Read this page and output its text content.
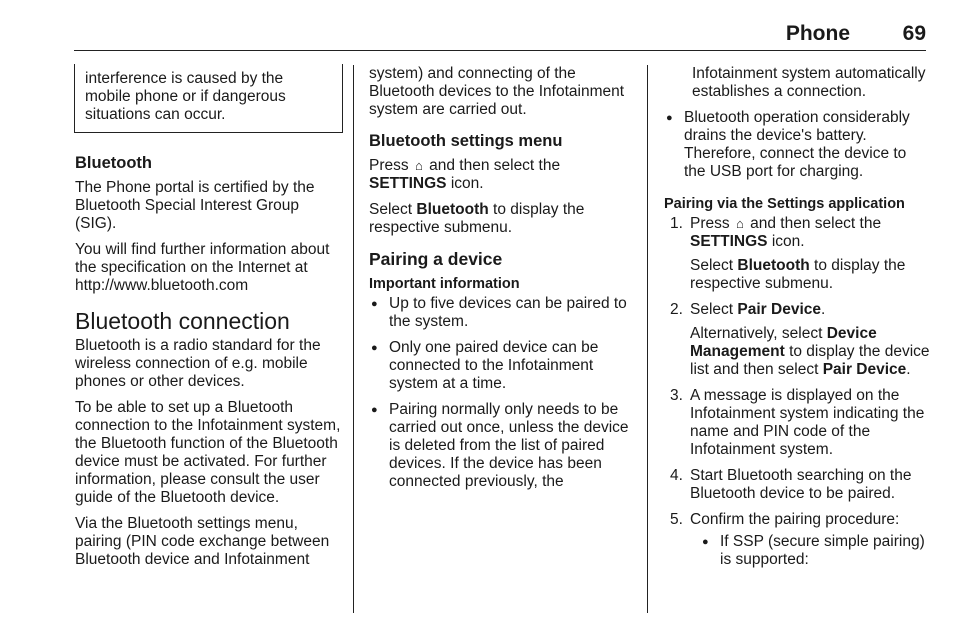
Phone	69

interference is caused by the mobile phone or if dangerous situations can occur.

Bluetooth

The Phone portal is certified by the Bluetooth Special Interest Group (SIG).

You will find further information about the specification on the Internet at http://www.bluetooth.com

Bluetooth connection

Bluetooth is a radio standard for the wireless connection of e.g. mobile phones or other devices.

To be able to set up a Bluetooth connection to the Infotainment system, the Bluetooth function of the Bluetooth device must be activated. For further information, please consult the user guide of the Bluetooth device.

Via the Bluetooth settings menu, pairing (PIN code exchange between Bluetooth device and Infotainment

system) and connecting of the Bluetooth devices to the Infotainment system are carried out.

Bluetooth settings menu

Press ⌂ and then select the SETTINGS icon.

Select Bluetooth to display the respective submenu.

Pairing a device
Important information
● Up to five devices can be paired to the system.
● Only one paired device can be connected to the Infotainment system at a time.
● Pairing normally only needs to be carried out once, unless the device is deleted from the list of paired devices. If the device has been connected previously, the
Infotainment system automatically establishes a connection.
● Bluetooth operation considerably drains the device's battery. Therefore, connect the device to the USB port for charging.
Pairing via the Settings application
1. Press ⌂ and then select the SETTINGS icon.

Select Bluetooth to display the respective submenu.

2. Select Pair Device.

Alternatively, select Device Management to display the device list and then select Pair Device.

3. A message is displayed on the Infotainment system indicating the name and PIN code of the Infotainment system.
4. Start Bluetooth searching on the Bluetooth device to be paired.
5. Confirm the pairing procedure:
● If SSP (secure simple pairing) is supported:
